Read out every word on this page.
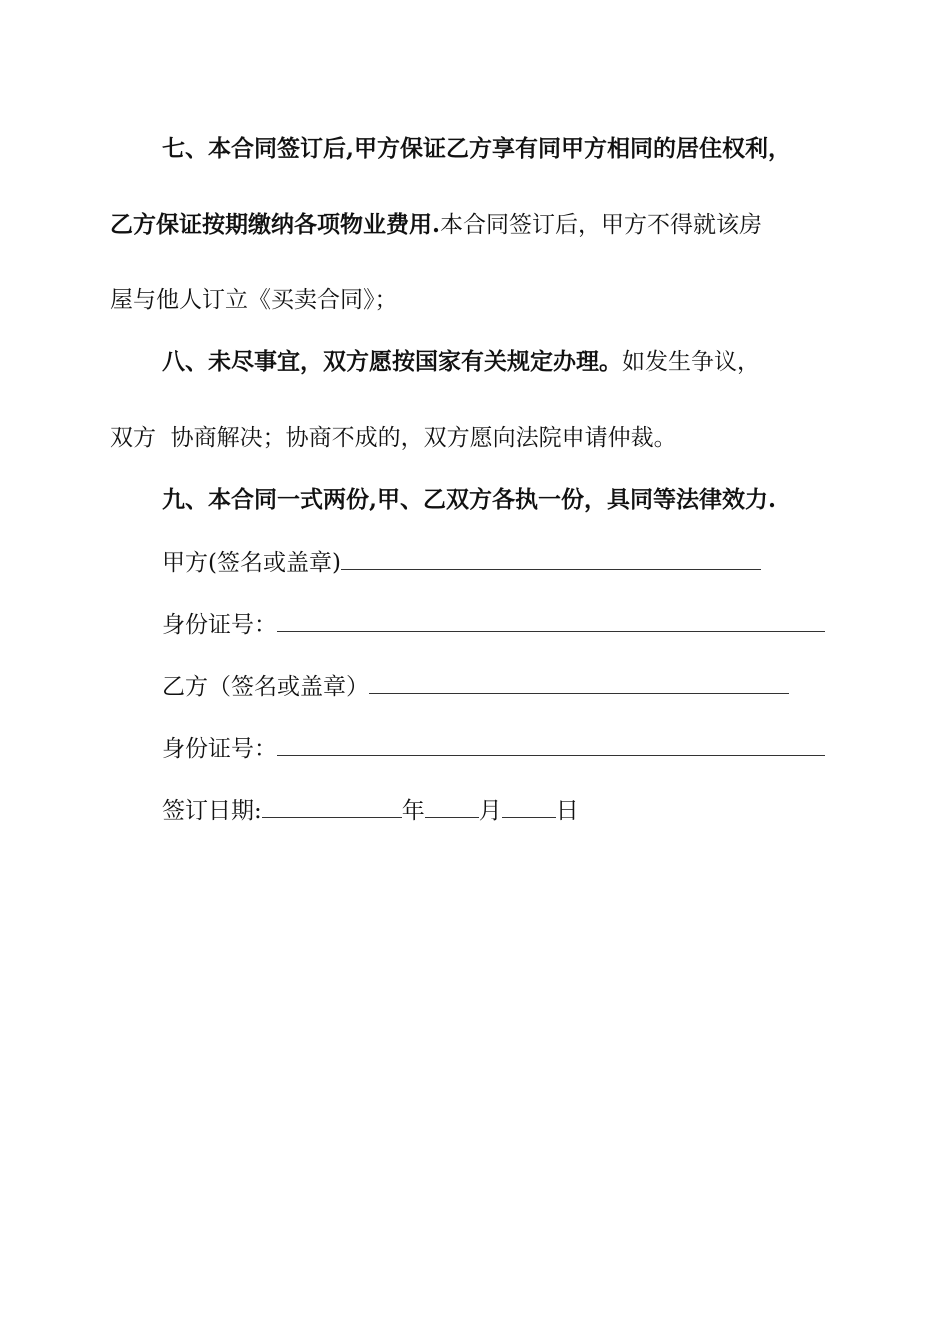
七、本合同签订后,甲方保证乙方享有同甲方相同的居住权利，
乙方保证按期缴纳各项物业费用.本合同签订后，甲方不得就该房
屋与他人订立《买卖合同》；
八、未尽事宜，双方愿按国家有关规定办理。如发生争议，
双方  协商解决；协商不成的，双方愿向法院申请仲裁。
九、本合同一式两份,甲、乙双方各执一份，具同等法律效力.
甲方(签名或盖章)
身份证号：
乙方（签名或盖章）
身份证号：
签订日期:	年 月 日
